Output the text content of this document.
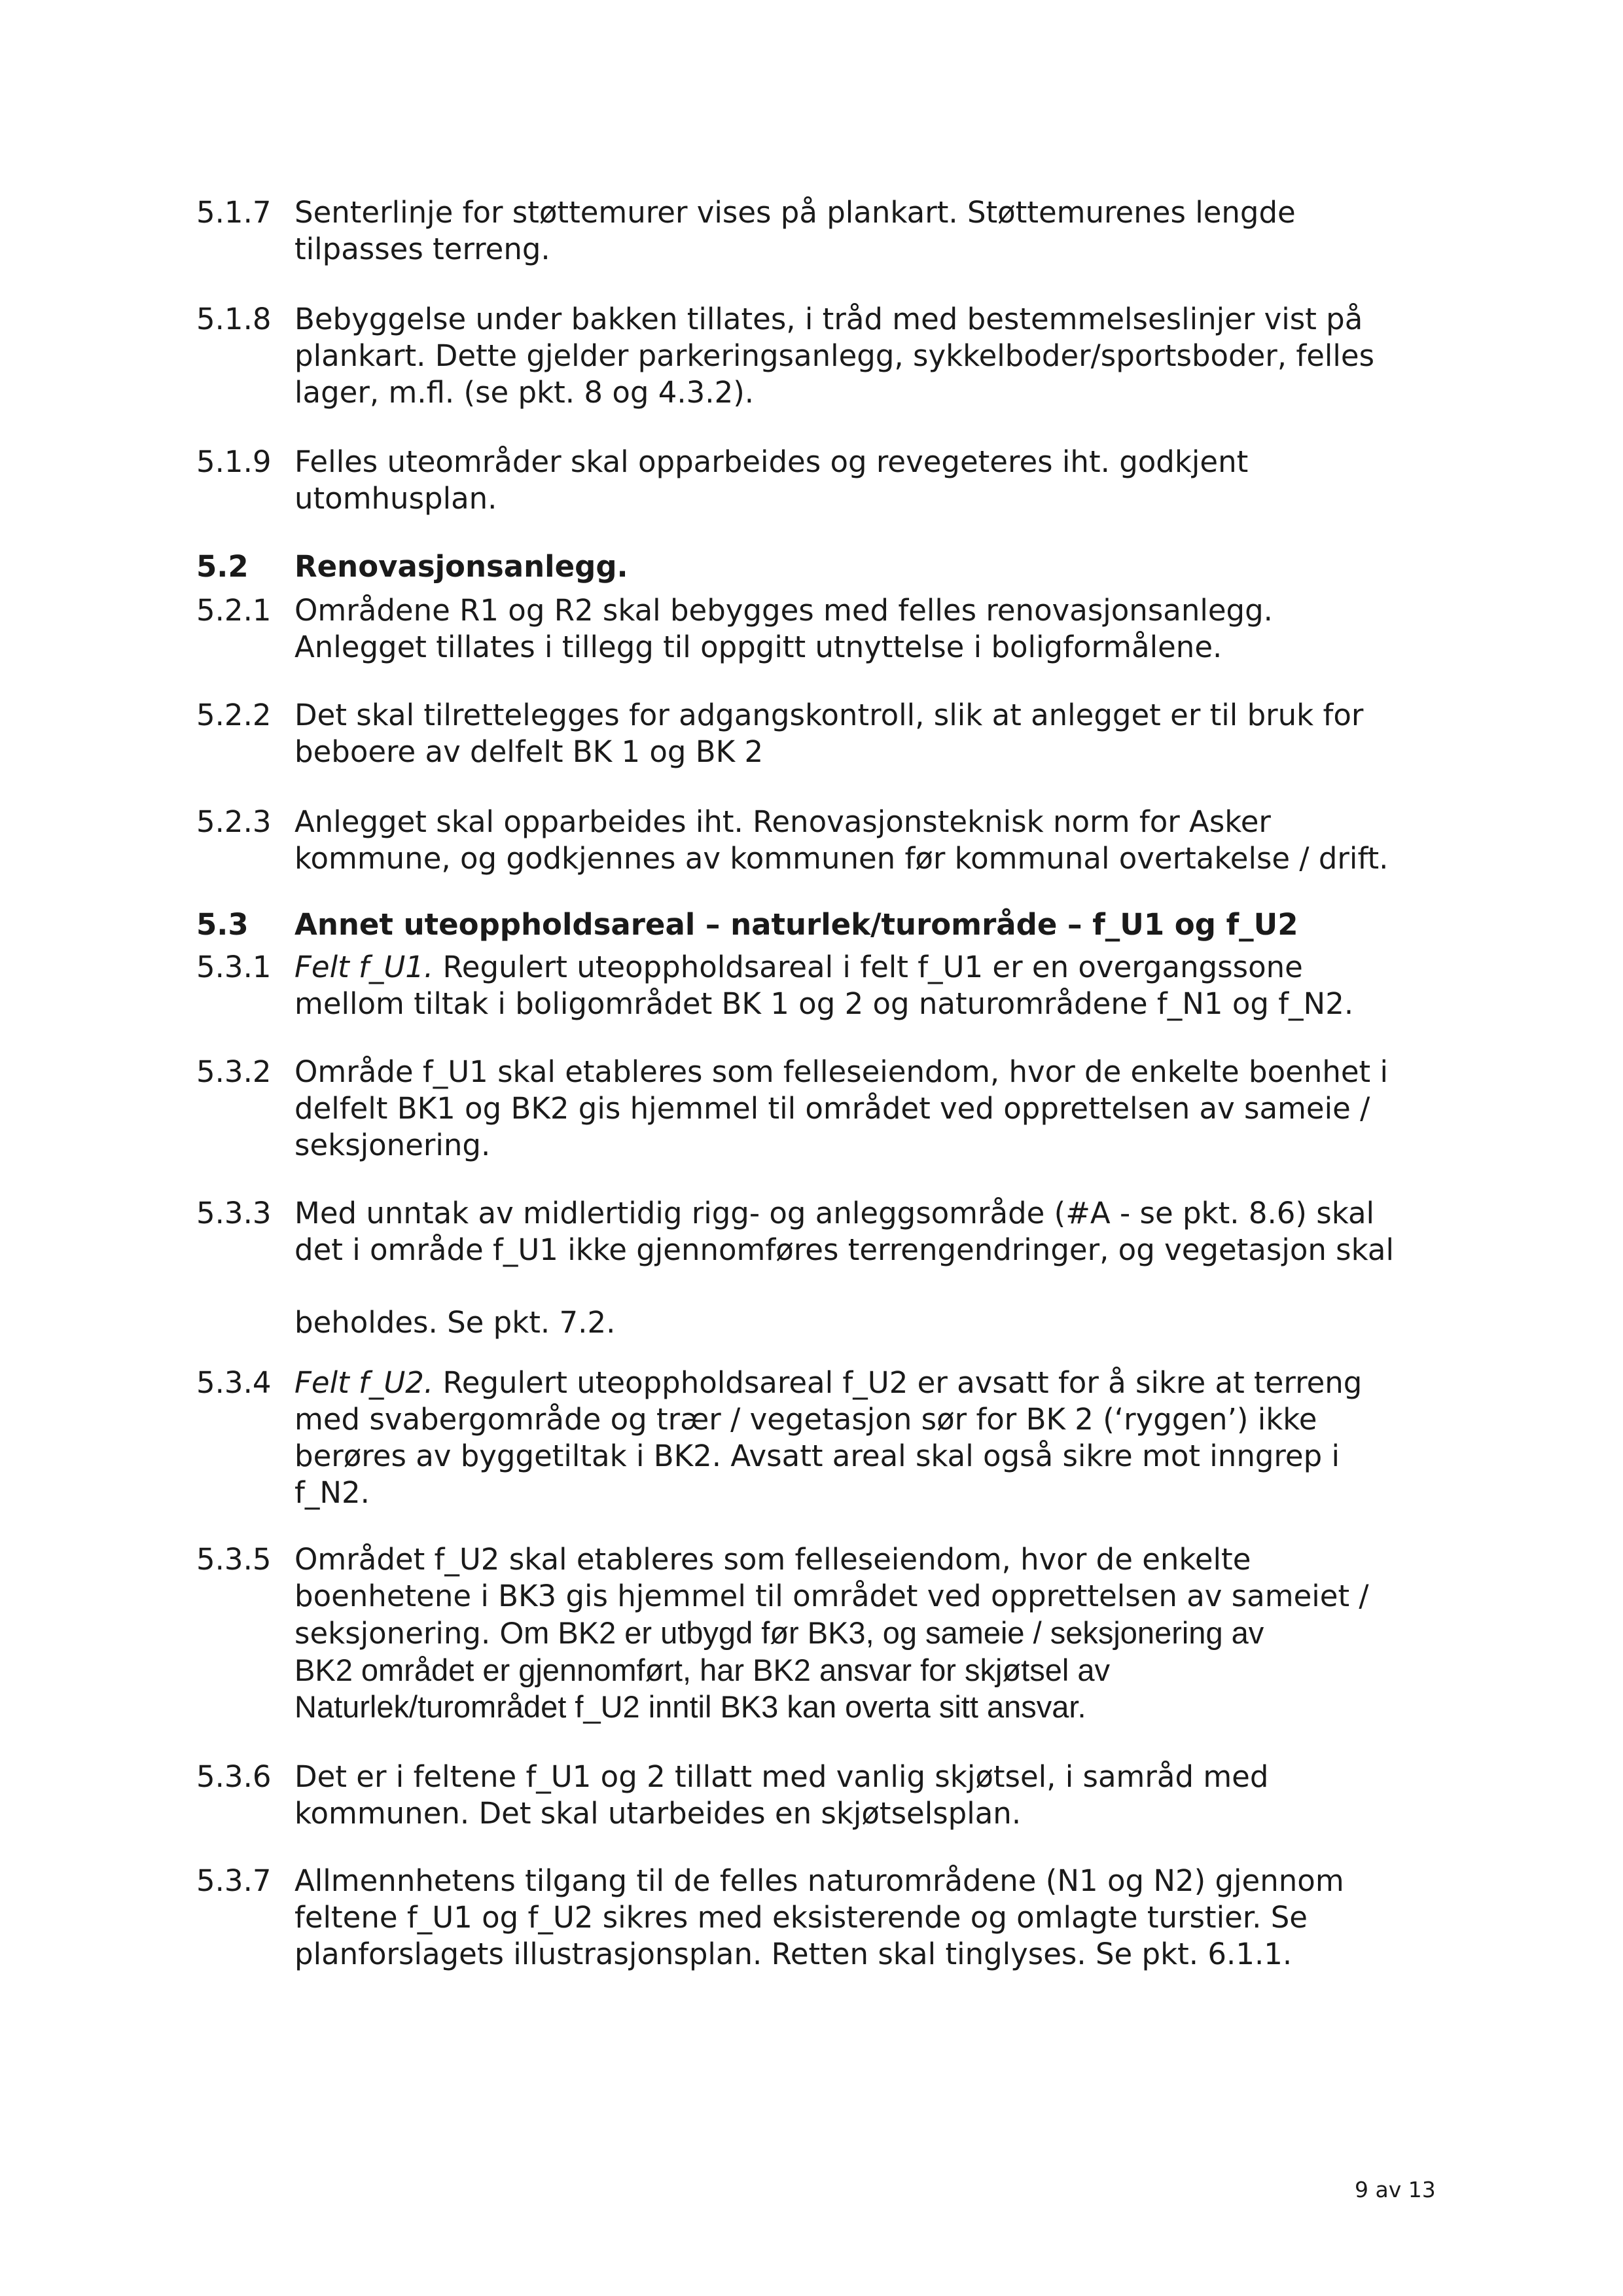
5.1.7 Senterlinje for støttemurer vises på plankart. Støttemurenes lengde
tilpasses terreng.
5.1.8 Bebyggelse under bakken tillates, i tråd med bestemmelseslinjer vist på
plankart. Dette gjelder parkeringsanlegg, sykkelboder/sportsboder, felles
lager, m.fl. (se pkt. 8 og 4.3.2).
5.1.9 Felles uteområder skal opparbeides og revegeteres iht. godkjent
utomhusplan.
5.2 Renovasjonsanlegg.
5.2.1 Områdene R1 og R2 skal bebygges med felles renovasjonsanlegg.
Anlegget tillates i tillegg til oppgitt utnyttelse i boligformålene.
5.2.2 Det skal tilrettelegges for adgangskontroll, slik at anlegget er til bruk for
beboere av delfelt BK 1 og BK 2
5.2.3 Anlegget skal opparbeides iht. Renovasjonsteknisk norm for Asker
kommune, og godkjennes av kommunen før kommunal overtakelse / drift.
5.3 Annet uteoppholdsareal – naturlek/turområde – f_U1 og f_U2
5.3.1 Felt f_U1. Regulert uteoppholdsareal i felt f_U1 er en overgangssone
mellom tiltak i boligområdet BK 1 og 2 og naturområdene f_N1 og f_N2.
5.3.2 Område f_U1 skal etableres som felleseiendom, hvor de enkelte boenhet i
delfelt BK1 og BK2 gis hjemmel til området ved opprettelsen av sameie /
seksjonering.
5.3.3 Med unntak av midlertidig rigg- og anleggsområde (#A - se pkt. 8.6) skal
det i område f_U1 ikke gjennomføres terrengendringer, og vegetasjon skal
beholdes. Se pkt. 7.2.
5.3.4 Felt f_U2. Regulert uteoppholdsareal f_U2 er avsatt for å sikre at terreng
med svabergområde og trær / vegetasjon sør for BK 2 (‘ryggen’) ikke
berøres av byggetiltak i BK2. Avsatt areal skal også sikre mot inngrep i
f_N2.
5.3.5 Området f_U2 skal etableres som felleseiendom, hvor de enkelte
boenhetene i BK3 gis hjemmel til området ved opprettelsen av sameiet /
seksjonering. Om BK2 er utbygd før BK3, og sameie / seksjonering av
BK2 området er gjennomført, har BK2 ansvar for skjøtsel av
Naturlek/turområdet f_U2 inntil BK3 kan overta sitt ansvar.
5.3.6 Det er i feltene f_U1 og 2 tillatt med vanlig skjøtsel, i samråd med
kommunen. Det skal utarbeides en skjøtselsplan.
5.3.7 Allmennhetens tilgang til de felles naturområdene (N1 og N2) gjennom
feltene f_U1 og f_U2 sikres med eksisterende og omlagte turstier. Se
planforslagets illustrasjonsplan. Retten skal tinglyses. Se pkt. 6.1.1.
9 av 13
